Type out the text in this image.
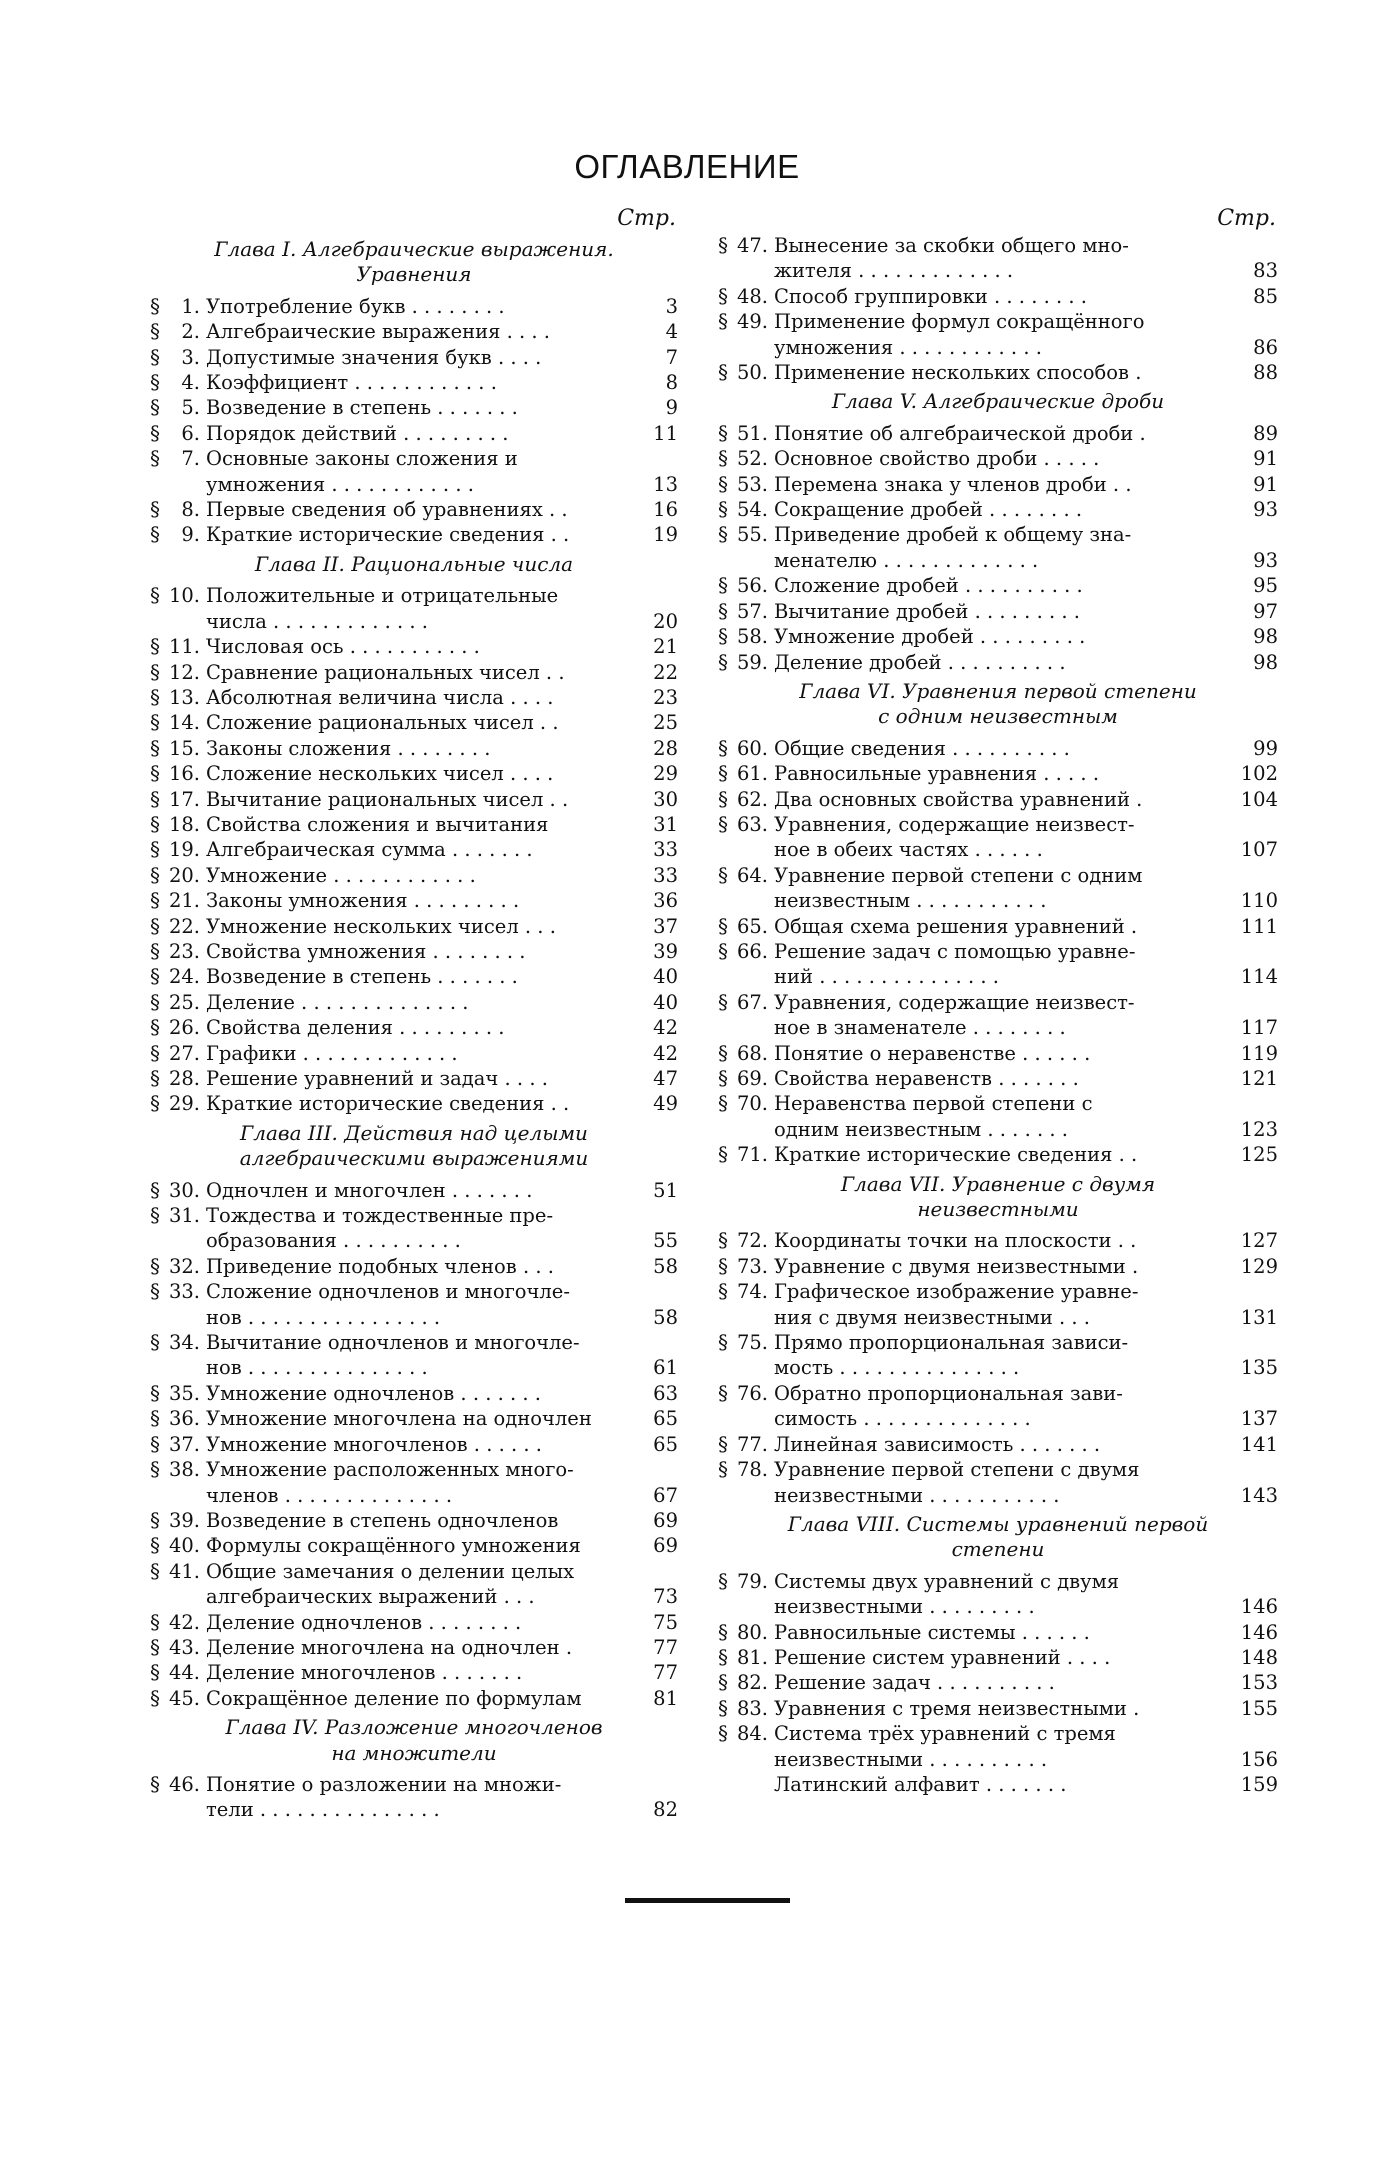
ОГЛАВЛЕНИЕ
Стр.
Глава I. Алгебраические выражения.
Уравнения
§	1. Употребление букв . . . . . . . .	3
§	2. Алгебраические выражения . . . .	4
§	3. Допустимые значения букв . . . .	7
§	4. Коэффициент . . . . . . . . . . . .	8
§	5. Возведение в степень . . . . . . .	9
§	6. Порядок действий . . . . . . . . .	11
§	7. Основные законы сложения и
умножения . . . . . . . . . . . .	13
§	8. Первые сведения об уравнениях . .	16
§	9. Краткие исторические сведения . .	19
Глава II. Рациональные числа
§ 10. Положительные и отрицательные
числа . . . . . . . . . . . . .	20
§ 11. Числовая ось . . . . . . . . . . .	21
§ 12. Сравнение рациональных чисел . .	22
§ 13. Абсолютная величина числа . . . .	23
§ 14. Сложение рациональных чисел . .	25
§ 15. Законы сложения . . . . . . . .	28
§ 16. Сложение нескольких чисел . . . .	29
§ 17. Вычитание рациональных чисел . .	30
§ 18. Свойства сложения и вычитания	31
§ 19. Алгебраическая сумма . . . . . . .	33
§ 20. Умножение . . . . . . . . . . . .	33
§ 21. Законы умножения . . . . . . . . .	36
§ 22. Умножение нескольких чисел . . .	37
§ 23. Свойства умножения . . . . . . . .	39
§ 24. Возведение в степень . . . . . . .	40
§ 25. Деление . . . . . . . . . . . . . .	40
§ 26. Свойства деления . . . . . . . . .	42
§ 27. Графики . . . . . . . . . . . . .	42
§ 28. Решение уравнений и задач . . . .	47
§ 29. Краткие исторические сведения . .	49
Глава III. Действия над целыми
алгебраическими выражениями
§ 30. Одночлен и многочлен . . . . . . .	51
§ 31. Тождества и тождественные пре-
образования . . . . . . . . . .	55
§ 32. Приведение подобных членов . . .	58
§ 33. Сложение одночленов и многочле-
нов . . . . . . . . . . . . . . . .	58
§ 34. Вычитание одночленов и многочле-
нов . . . . . . . . . . . . . . .	61
§ 35. Умножение одночленов . . . . . . .	63
§ 36. Умножение многочлена на одночлен	65
§ 37. Умножение многочленов . . . . . .	65
§ 38. Умножение расположенных много-
членов . . . . . . . . . . . . . .	67
§ 39. Возведение в степень одночленов	69
§ 40. Формулы сокращённого умножения	69
§ 41. Общие замечания о делении целых
алгебраических выражений . . .	73
§ 42. Деление одночленов . . . . . . . .	75
§ 43. Деление многочлена на одночлен .	77
§ 44. Деление многочленов . . . . . . .	77
§ 45. Сокращённое деление по формулам	81
Глава IV. Разложение многочленов
на множители
§ 46. Понятие о разложении на множи-
тели . . . . . . . . . . . . . . .	82
Стр.
§ 47. Вынесение за скобки общего мно-
жителя . . . . . . . . . . . . .	83
§ 48. Способ группировки . . . . . . . .	85
§ 49. Применение формул сокращённого
умножения . . . . . . . . . . . .	86
§ 50. Применение нескольких способов .	88
Глава V. Алгебраические дроби
§ 51. Понятие об алгебраической дроби .	89
§ 52. Основное свойство дроби . . . . .	91
§ 53. Перемена знака у членов дроби . .	91
§ 54. Сокращение дробей . . . . . . . .	93
§ 55. Приведение дробей к общему зна-
менателю . . . . . . . . . . . . .	93
§ 56. Сложение дробей . . . . . . . . . .	95
§ 57. Вычитание дробей . . . . . . . . .	97
§ 58. Умножение дробей . . . . . . . . .	98
§ 59. Деление дробей . . . . . . . . . .	98
Глава VI. Уравнения первой степени
с одним неизвестным
§ 60. Общие сведения . . . . . . . . . .	99
§ 61. Равносильные уравнения . . . . .	102
§ 62. Два основных свойства уравнений .	104
§ 63. Уравнения, содержащие неизвест-
ное в обеих частях . . . . . .	107
§ 64. Уравнение первой степени с одним
неизвестным . . . . . . . . . . .	110
§ 65. Общая схема решения уравнений .	111
§ 66. Решение задач с помощью уравне-
ний . . . . . . . . . . . . . . .	114
§ 67. Уравнения, содержащие неизвест-
ное в знаменателе . . . . . . . .	117
§ 68. Понятие о неравенстве . . . . . .	119
§ 69. Свойства неравенств . . . . . . .	121
§ 70. Неравенства первой степени с
одним неизвестным . . . . . . .	123
§ 71. Краткие исторические сведения . .	125
Глава VII. Уравнение с двумя
неизвестными
§ 72. Координаты точки на плоскости . .	127
§ 73. Уравнение с двумя неизвестными .	129
§ 74. Графическое изображение уравне-
ния с двумя неизвестными . . .	131
§ 75. Прямо пропорциональная зависи-
мость . . . . . . . . . . . . . . .	135
§ 76. Обратно пропорциональная зави-
симость . . . . . . . . . . . . . .	137
§ 77. Линейная зависимость . . . . . . .	141
§ 78. Уравнение первой степени с двумя
неизвестными . . . . . . . . . . .	143
Глава VIII. Системы уравнений первой
степени
§ 79. Системы двух уравнений с двумя
неизвестными . . . . . . . . .	146
§ 80. Равносильные системы . . . . . .	146
§ 81. Решение систем уравнений . . . .	148
§ 82. Решение задач . . . . . . . . . .	153
§ 83. Уравнения с тремя неизвестными .	155
§ 84. Система трёх уравнений с тремя
неизвестными . . . . . . . . . .	156
Латинский алфавит . . . . . . .	159
